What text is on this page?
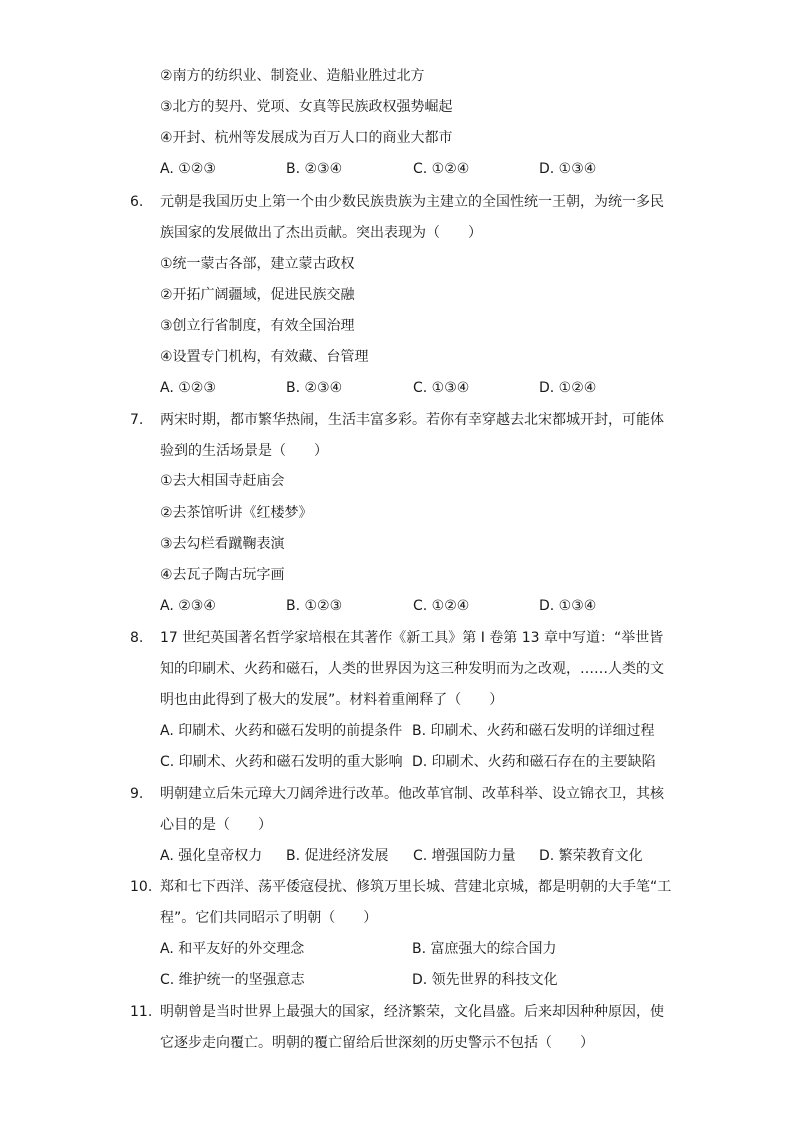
②南方的纺织业、制瓷业、造船业胜过北方
③北方的契丹、党项、女真等民族政权强势崛起
④开封、杭州等发展成为百万人口的商业大都市
A. ①②③	B. ②③④	C. ①②④	D. ①③④
6. 元朝是我国历史上第一个由少数民族贵族为主建立的全国性统一王朝，为统一多民
族国家的发展做出了杰出贡献。突出表现为（　　）
①统一蒙古各部，建立蒙古政权
②开拓广阔疆域，促进民族交融
③创立行省制度，有效全国治理
④设置专门机构，有效藏、台管理
A. ①②③	B. ②③④	C. ①③④	D. ①②④
7. 两宋时期，都市繁华热闹，生活丰富多彩。若你有幸穿越去北宋都城开封，可能体
验到的生活场景是（　　）
①去大相国寺赶庙会
②去茶馆听讲《红楼梦》
③去勾栏看蹴鞠表演
④去瓦子陶古玩字画
A. ②③④	B. ①②③	C. ①②④	D. ①③④
8. 17 世纪英国著名哲学家培根在其著作《新工具》第 I 卷第 13 章中写道：“举世皆
知的印刷术、火药和磁石，人类的世界因为这三种发明而为之改观，……人类的文
明也由此得到了极大的发展”。材料着重阐释了（　　）
A. 印刷术、火药和磁石发明的前提条件 B. 印刷术、火药和磁石发明的详细过程
C. 印刷术、火药和磁石发明的重大影响 D. 印刷术、火药和磁石存在的主要缺陷
9. 明朝建立后朱元璋大刀阔斧进行改革。他改革官制、改革科举、设立锦衣卫，其核
心目的是（　　）
A. 强化皇帝权力 B. 促进经济发展 C. 增强国防力量 D. 繁荣教育文化
10. 郑和七下西洋、荡平倭寇侵扰、修筑万里长城、营建北京城，都是明朝的大手笔“工
程”。它们共同昭示了明朝（　　）
A. 和平友好的外交理念	B. 富庶强大的综合国力
C. 维护统一的坚强意志	D. 领先世界的科技文化
11. 明朝曾是当时世界上最强大的国家，经济繁荣，文化昌盛。后来却因种种原因，使
它逐步走向覆亡。明朝的覆亡留给后世深刻的历史警示不包括（　　）
